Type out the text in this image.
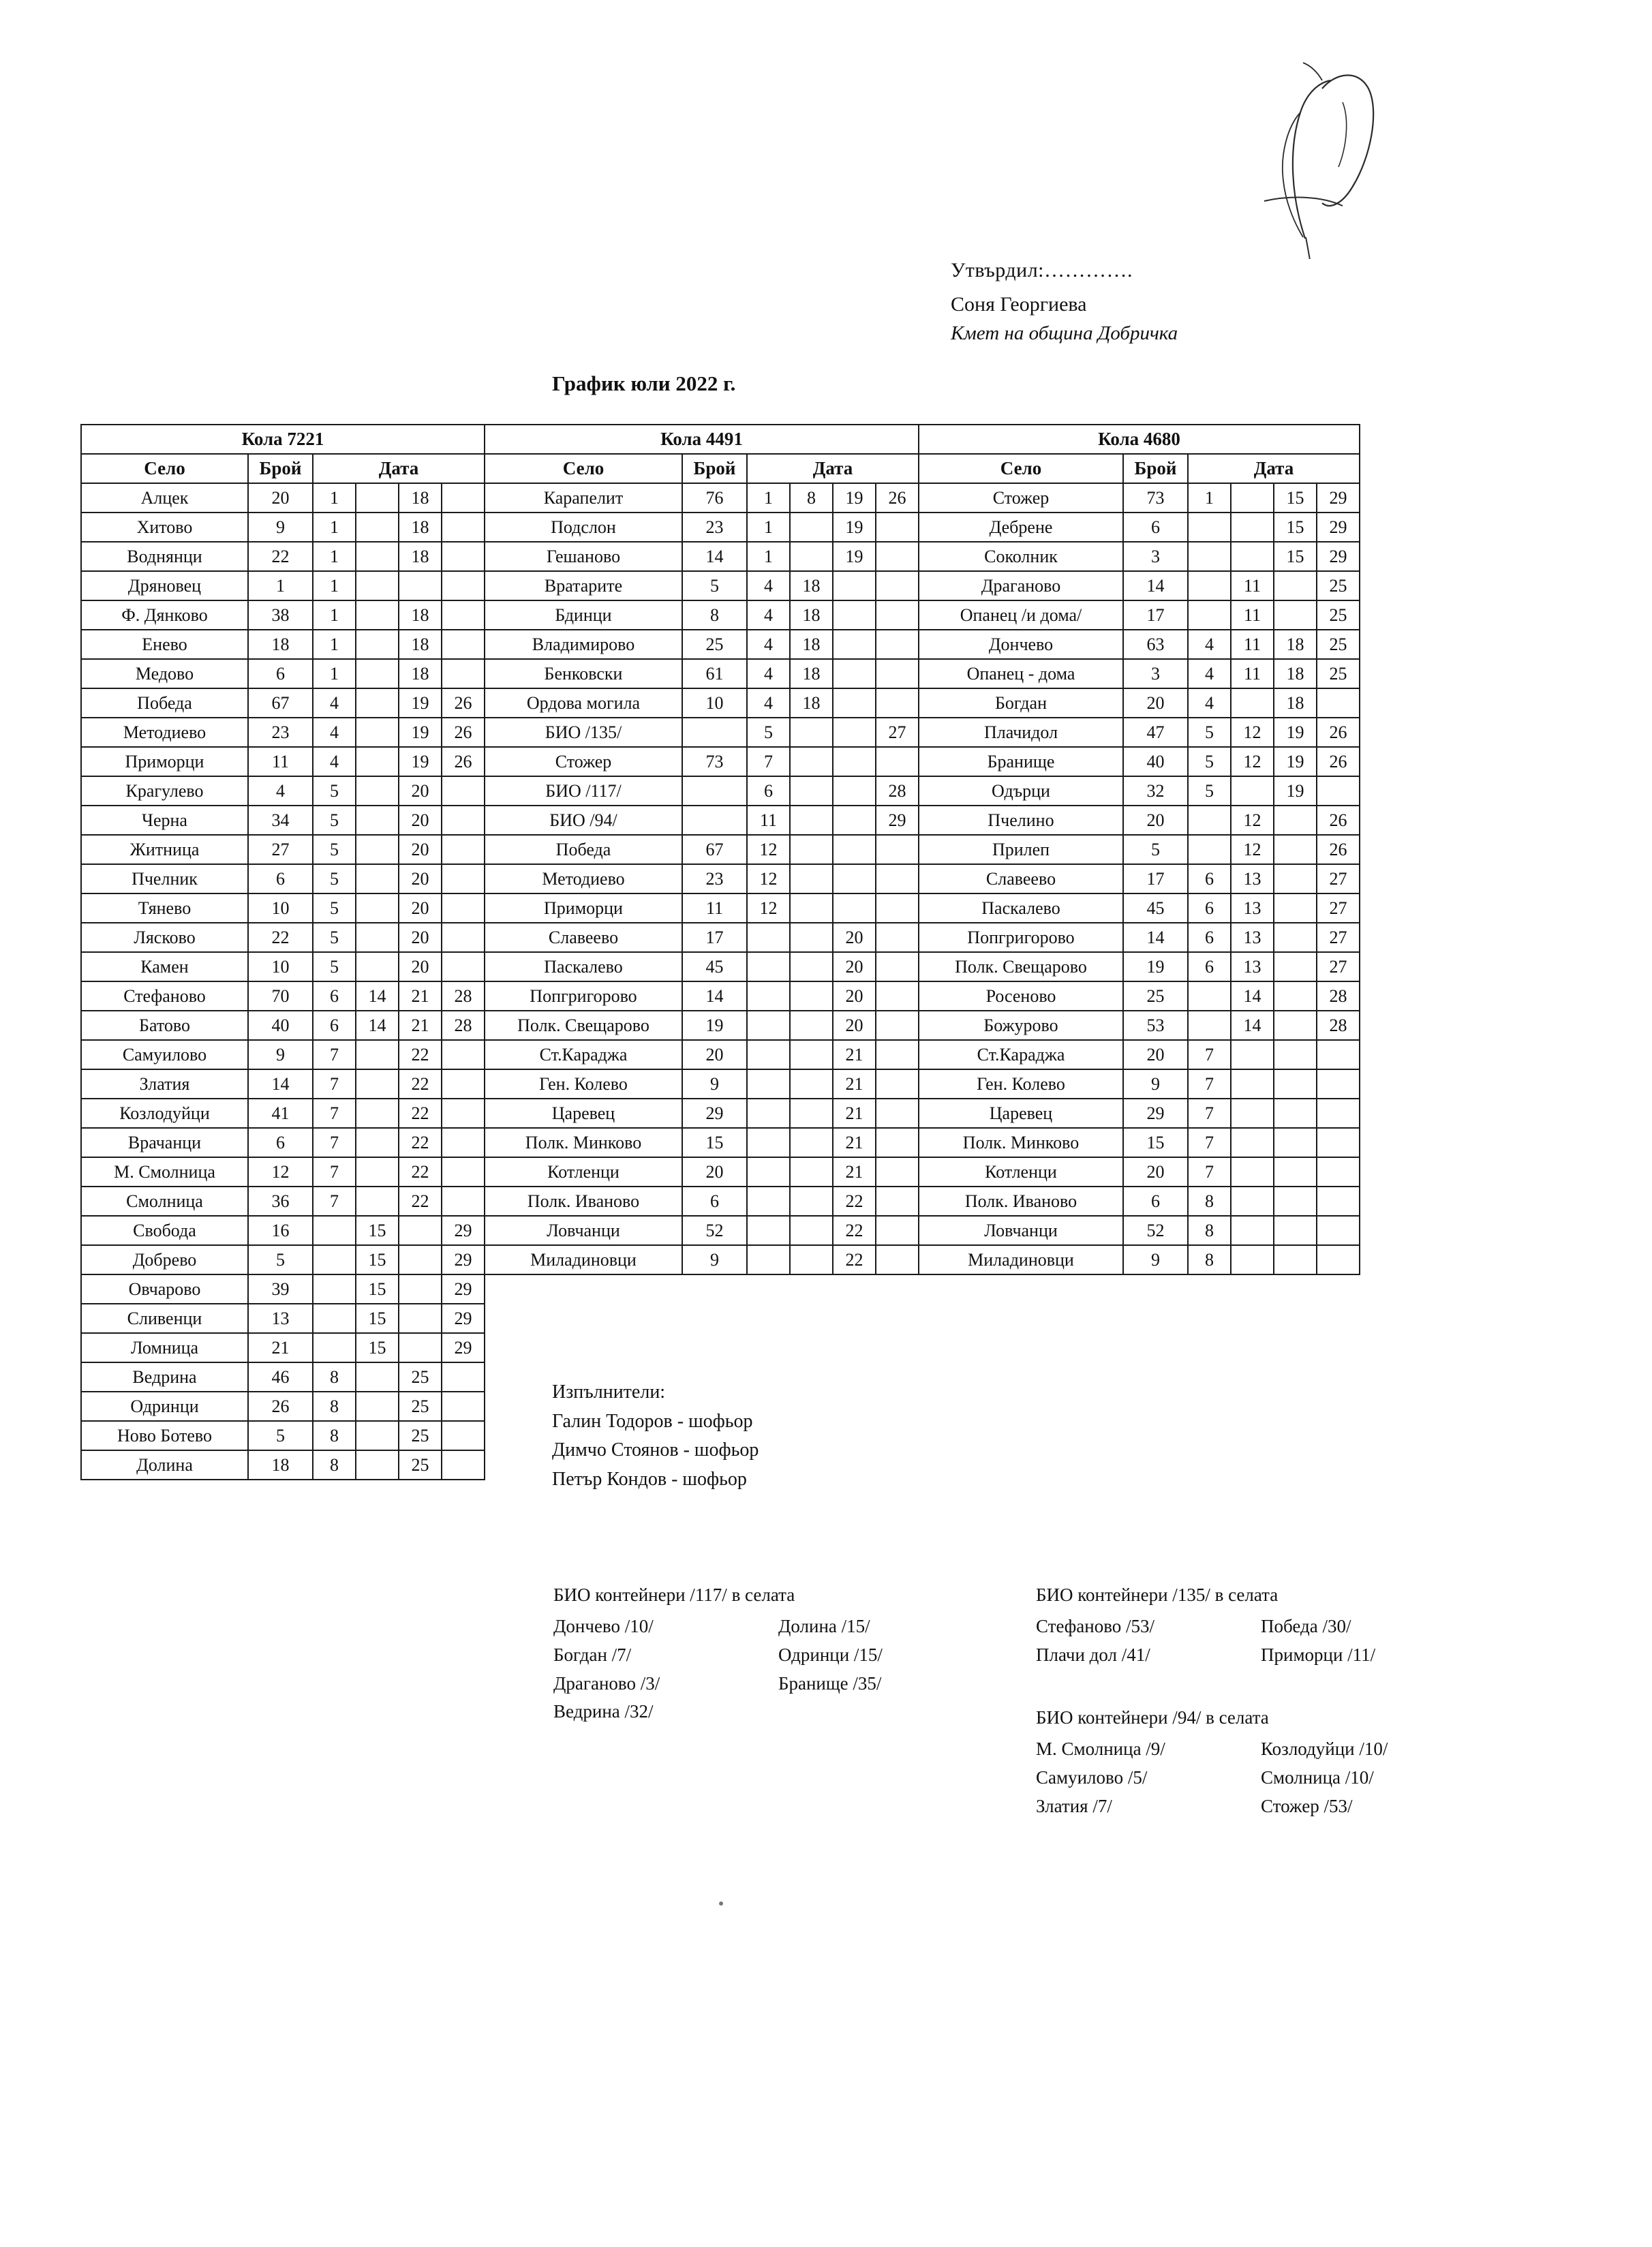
Утвърдил:………….
Соня Георгиева
Кмет на община Добричка
График юли 2022 г.
Кола 7221						Кола 4491						Кола 4680					
Село	Брой	Дата				Село	Брой	Дата				Село	Брой	Дата			
Алцек	20	1		18		Карапелит	76	1	8	19	26	Стожер	73	1		15	29
Хитово	9	1		18		Подслон	23	1		19		Дебрене	6			15	29
Воднянци	22	1		18		Гешаново	14	1		19		Соколник	3			15	29
Дряновец	1	1				Вратарите	5	4	18			Драганово	14		11		25
Ф. Дянково	38	1		18		Бдинци	8	4	18			Опанец /и дома/	17		11		25
Енево	18	1		18		Владимирово	25	4	18			Дончево	63	4	11	18	25
Медово	6	1		18		Бенковски	61	4	18			Опанец - дома	3	4	11	18	25
Победа	67	4		19	26	Ордова могила	10	4	18			Богдан	20	4		18	
Методиево	23	4		19	26	БИО /135/		5			27	Плачидол	47	5	12	19	26
Приморци	11	4		19	26	Стожер	73	7				Бранище	40	5	12	19	26
Крагулево	4	5		20		БИО /117/		6			28	Одърци	32	5		19	
Черна	34	5		20		БИО /94/		11			29	Пчелино	20		12		26
Житница	27	5		20		Победа	67	12				Прилеп	5		12		26
Пчелник	6	5		20		Методиево	23	12				Славеево	17	6	13		27
Тянево	10	5		20		Приморци	11	12				Паскалево	45	6	13		27
Лясково	22	5		20		Славеево	17			20		Попгригорово	14	6	13		27
Камен	10	5		20		Паскалево	45			20		Полк. Свещарово	19	6	13		27
Стефаново	70	6	14	21	28	Попгригорово	14			20		Росеново	25		14		28
Батово	40	6	14	21	28	Полк. Свещарово	19			20		Божурово	53		14		28
Самуилово	9	7		22		Ст.Караджа	20			21		Ст.Караджа	20	7			
Златия	14	7		22		Ген. Колево	9			21		Ген. Колево	9	7			
Козлодуйци	41	7		22		Царевец	29			21		Царевец	29	7			
Врачанци	6	7		22		Полк. Минково	15			21		Полк. Минково	15	7			
М. Смолница	12	7		22		Котленци	20			21		Котленци	20	7			
Смолница	36	7		22		Полк. Иваново	6			22		Полк. Иваново	6	8			
Свобода	16		15		29	Ловчанци	52			22		Ловчанци	52	8			
Добрево	5		15		29	Миладиновци	9			22		Миладиновци	9	8			
Овчарово	39		15		29												
Сливенци	13		15		29												
Ломница	21		15		29												
Ведрина	46	8		25													
Одринци	26	8		25													
Ново Ботево	5	8		25													
Долина	18	8		25													
Изпълнители:
Галин Тодоров - шофьор
Димчо Стоянов - шофьор
Петър Кондов - шофьор
БИО контейнери /117/ в селата
Дончево /10/
Богдан /7/
Драганово /3/
Ведрина /32/
Долина /15/
Одринци /15/
Бранище /35/
БИО контейнери /135/ в селата
Стефаново /53/
Плачи дол /41/
Победа /30/
Приморци /11/
БИО контейнери /94/ в селата
М. Смолница /9/
Самуилово /5/
Златия /7/
Козлодуйци /10/
Смолница /10/
Стожер /53/
